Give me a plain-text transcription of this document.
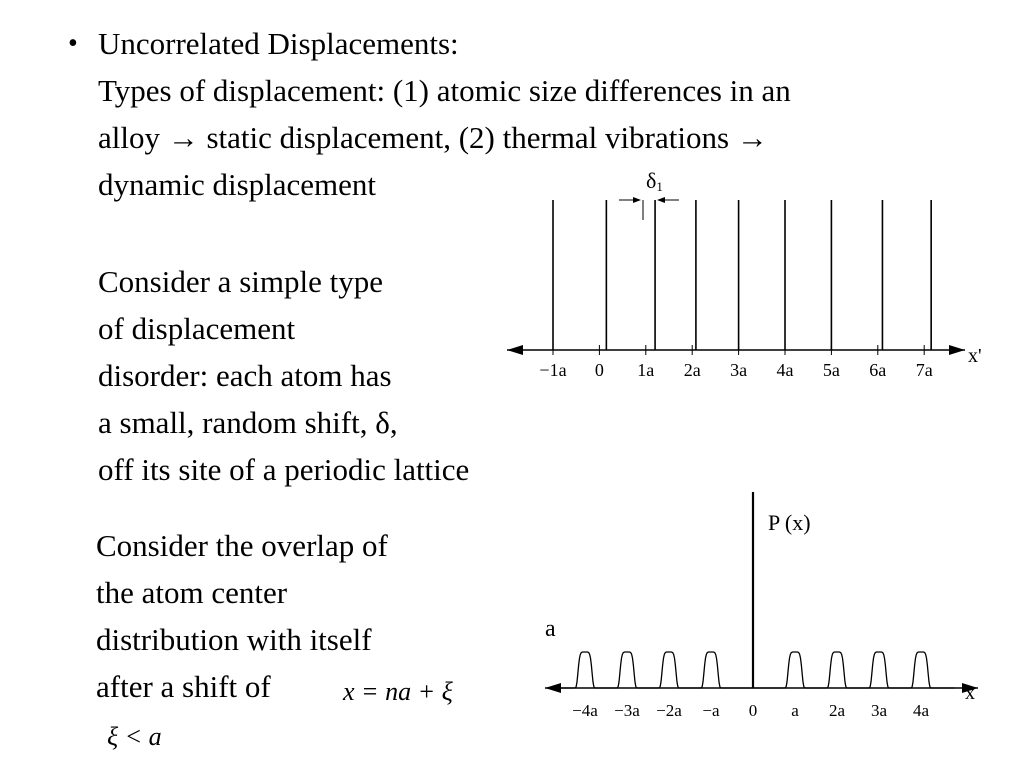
• Uncorrelated Displacements:
Types of displacement: (1) atomic size differences in an
alloy → static displacement, (2) thermal vibrations →
dynamic displacement
Consider a simple type
of displacement
disorder: each atom has
a small, random shift, δ,
off its site of a periodic lattice
x'
−1a 0 1a 2a 3a 4a 5a 6a 7a
δ1
x
P (x)
a
−4a −3a −2a −a 0 a 2a 3a 4a
x = na + ξ
ξ < a
Consider the overlap of
the atom center
distribution with itself
after a shift of
